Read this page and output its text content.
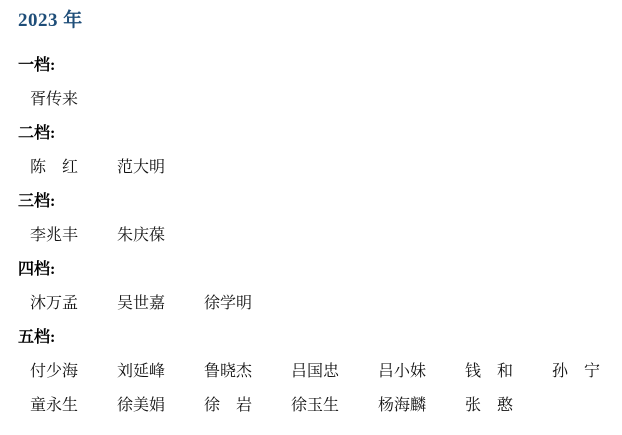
2023 年
一档:
胥传来
二档:
陈　红 范大明
三档:
李兆丰 朱庆葆
四档:
沐万孟 吴世嘉 徐学明
五档:
付少海 刘延峰 鲁晓杰 吕国忠 吕小妹 钱　和 孙　宁
童永生 徐美娟 徐　岩 徐玉生 杨海麟 张　憨
